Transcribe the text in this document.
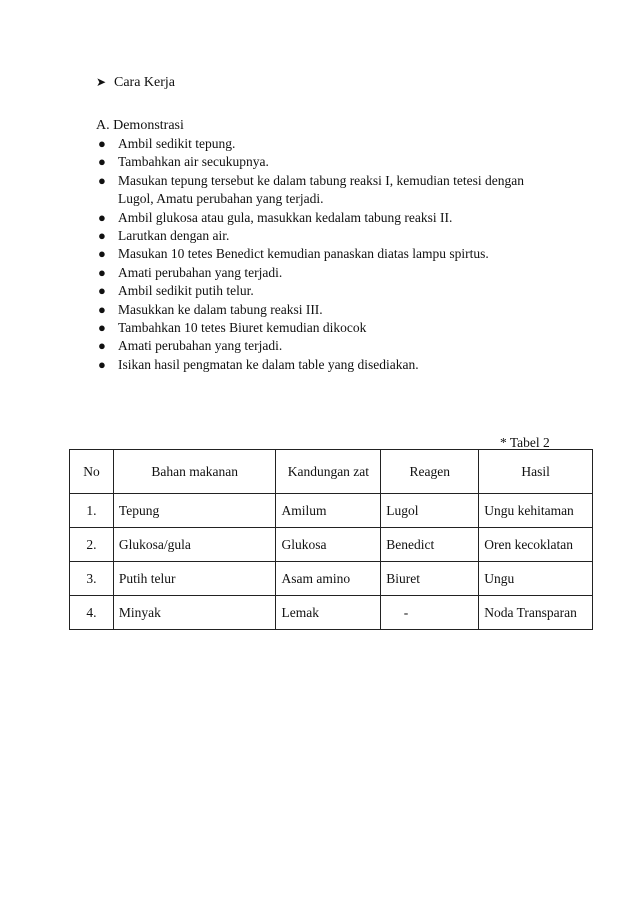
➤ Cara Kerja
A. Demonstrasi
● Ambil sedikit tepung.
● Tambahkan air secukupnya.
● Masukan tepung tersebut ke dalam tabung reaksi I, kemudian tetesi dengan Lugol, Amatu perubahan yang terjadi.
● Ambil glukosa atau gula, masukkan kedalam tabung reaksi II.
● Larutkan dengan air.
● Masukan 10 tetes Benedict kemudian panaskan diatas lampu spirtus.
● Amati perubahan yang terjadi.
● Ambil sedikit putih telur.
● Masukkan ke dalam tabung reaksi III.
● Tambahkan 10 tetes Biuret kemudian dikocok
● Amati perubahan yang terjadi.
● Isikan hasil pengmatan ke dalam table yang disediakan.
* Tabel 2
No	Bahan makanan	Kandungan zat	Reagen	Hasil
1.	Tepung	Amilum	Lugol	Ungu kehitaman
2.	Glukosa/gula	Glukosa	Benedict	Oren kecoklatan
3.	Putih telur	Asam amino	Biuret	Ungu
4.	Minyak	Lemak	-	Noda Transparan
